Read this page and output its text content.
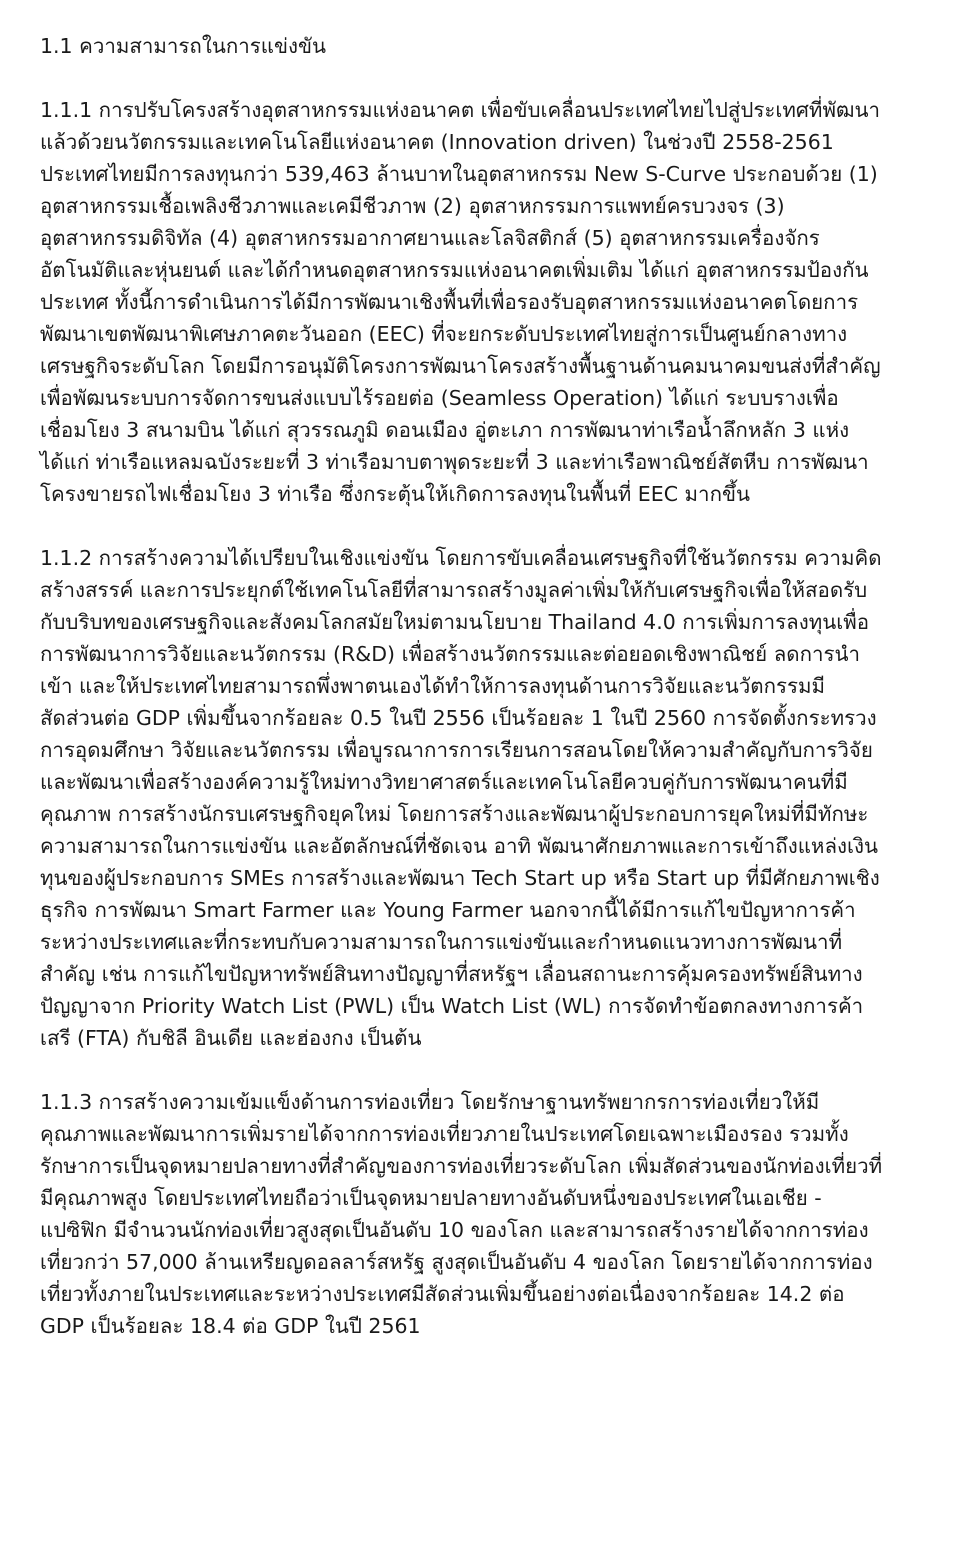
1.1 ความสามารถในการแข่งขัน
1.1.1 การปรับโครงสร้างอุตสาหกรรมแห่งอนาคต เพื่อขับเคลื่อนประเทศไทยไปสู่ประเทศที่พัฒนาแล้วด้วยนวัตกรรมและเทคโนโลยีแห่งอนาคต (Innovation driven) ในช่วงปี 2558-2561 ประเทศไทยมีการลงทุนกว่า 539,463 ล้านบาทในอุตสาหกรรม New S-Curve ประกอบด้วย (1) อุตสาหกรรมเชื้อเพลิงชีวภาพและเคมีชีวภาพ (2) อุตสาหกรรมการแพทย์ครบวงจร (3) อุตสาหกรรมดิจิทัล (4) อุตสาหกรรมอากาศยานและโลจิสติกส์ (5) อุตสาหกรรมเครื่องจักรอัตโนมัติและหุ่นยนต์ และได้กำหนดอุตสาหกรรมแห่งอนาคตเพิ่มเติม ได้แก่ อุตสาหกรรมป้องกันประเทศ ทั้งนี้การดำเนินการได้มีการพัฒนาเชิงพื้นที่เพื่อรองรับอุตสาหกรรมแห่งอนาคตโดยการพัฒนาเขตพัฒนาพิเศษภาคตะวันออก (EEC) ที่จะยกระดับประเทศไทยสู่การเป็นศูนย์กลางทางเศรษฐกิจระดับโลก โดยมีการอนุมัติโครงการพัฒนาโครงสร้างพื้นฐานด้านคมนาคมขนส่งที่สำคัญเพื่อพัฒนระบบการจัดการขนส่งแบบไร้รอยต่อ (Seamless Operation) ได้แก่ ระบบรางเพื่อเชื่อมโยง 3 สนามบิน ได้แก่ สุวรรณภูมิ ดอนเมือง อู่ตะเภา การพัฒนาท่าเรือน้ำลึกหลัก 3 แห่ง ได้แก่ ท่าเรือแหลมฉบังระยะที่ 3 ท่าเรือมาบตาพุดระยะที่ 3 และท่าเรือพาณิชย์สัตหีบ การพัฒนาโครงขายรถไฟเชื่อมโยง 3 ท่าเรือ ซึ่งกระตุ้นให้เกิดการลงทุนในพื้นที่ EEC มากขึ้น
1.1.2 การสร้างความได้เปรียบในเชิงแข่งขัน โดยการขับเคลื่อนเศรษฐกิจที่ใช้นวัตกรรม ความคิดสร้างสรรค์ และการประยุกต์ใช้เทคโนโลยีที่สามารถสร้างมูลค่าเพิ่มให้กับเศรษฐกิจเพื่อให้สอดรับกับบริบทของเศรษฐกิจและสังคมโลกสมัยใหม่ตามนโยบาย Thailand 4.0 การเพิ่มการลงทุนเพื่อการพัฒนาการวิจัยและนวัตกรรม (R&D) เพื่อสร้างนวัตกรรมและต่อยอดเชิงพาณิชย์ ลดการนำเข้า และให้ประเทศไทยสามารถพึ่งพาตนเองได้ทำให้การลงทุนด้านการวิจัยและนวัตกรรมมีสัดส่วนต่อ GDP เพิ่มขึ้นจากร้อยละ 0.5 ในปี 2556 เป็นร้อยละ 1 ในปี 2560 การจัดตั้งกระทรวงการอุดมศึกษา วิจัยและนวัตกรรม เพื่อบูรณาการการเรียนการสอนโดยให้ความสำคัญกับการวิจัยและพัฒนาเพื่อสร้างองค์ความรู้ใหม่ทางวิทยาศาสตร์และเทคโนโลยีควบคู่กับการพัฒนาคนที่มีคุณภาพ การสร้างนักรบเศรษฐกิจยุคใหม่ โดยการสร้างและพัฒนาผู้ประกอบการยุคใหม่ที่มีทักษะ ความสามารถในการแข่งขัน และอัตลักษณ์ที่ชัดเจน อาทิ พัฒนาศักยภาพและการเข้าถึงแหล่งเงินทุนของผู้ประกอบการ SMEs การสร้างและพัฒนา Tech Start up หรือ Start up ที่มีศักยภาพเชิงธุรกิจ การพัฒนา Smart Farmer และ Young Farmer นอกจากนี้ได้มีการแก้ไขปัญหาการค้าระหว่างประเทศและที่กระทบกับความสามารถในการแข่งขันและกำหนดแนวทางการพัฒนาที่สำคัญ เช่น การแก้ไขปัญหาทรัพย์สินทางปัญญาที่สหรัฐฯ เลื่อนสถานะการคุ้มครองทรัพย์สินทางปัญญาจาก Priority Watch List (PWL) เป็น Watch List (WL) การจัดทำข้อตกลงทางการค้าเสรี (FTA) กับชิลี อินเดีย และฮ่องกง เป็นต้น
1.1.3 การสร้างความเข้มแข็งด้านการท่องเที่ยว โดยรักษาฐานทรัพยากรการท่องเที่ยวให้มีคุณภาพและพัฒนาการเพิ่มรายได้จากการท่องเที่ยวภายในประเทศโดยเฉพาะเมืองรอง รวมทั้งรักษาการเป็นจุดหมายปลายทางที่สำคัญของการท่องเที่ยวระดับโลก เพิ่มสัดส่วนของนักท่องเที่ยวที่มีคุณภาพสูง โดยประเทศไทยถือว่าเป็นจุดหมายปลายทางอันดับหนึ่งของประเทศในเอเชีย - แปซิฟิก มีจำนวนนักท่องเที่ยวสูงสุดเป็นอันดับ 10 ของโลก และสามารถสร้างรายได้จากการท่องเที่ยวกว่า 57,000 ล้านเหรียญดอลลาร์สหรัฐ สูงสุดเป็นอันดับ 4 ของโลก โดยรายได้จากการท่องเที่ยวทั้งภายในประเทศและระหว่างประเทศมีสัดส่วนเพิ่มขึ้นอย่างต่อเนื่องจากร้อยละ 14.2 ต่อ GDP เป็นร้อยละ 18.4 ต่อ GDP ในปี 2561
